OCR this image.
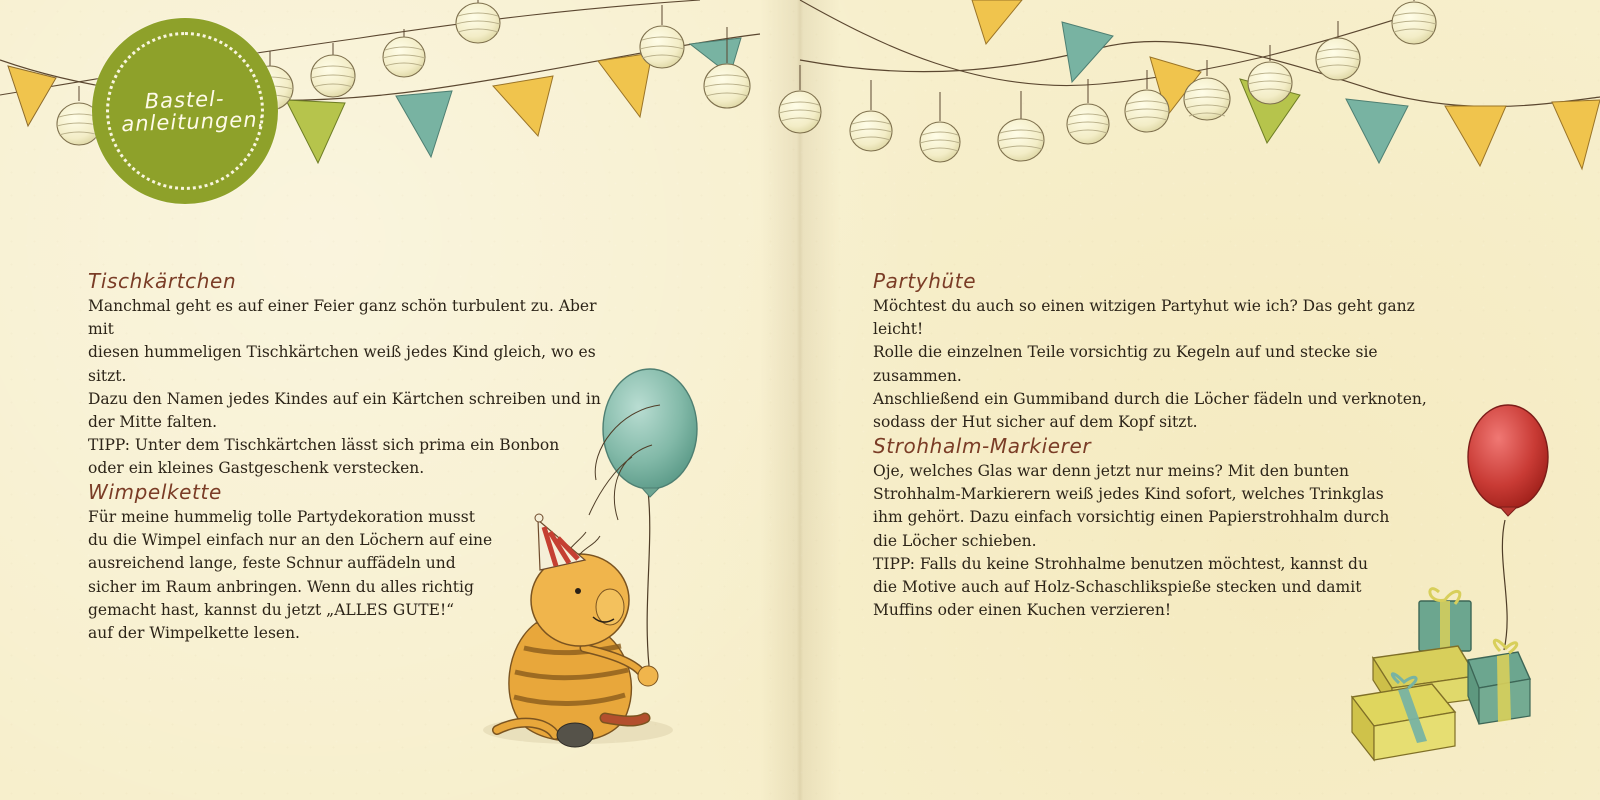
Bastel-
anleitungen:
Tischkärtchen
Manchmal geht es auf einer Feier ganz schön turbulent zu. Aber mit
diesen hummeligen Tischkärtchen weiß jedes Kind gleich, wo es sitzt.
Dazu den Namen jedes Kindes auf ein Kärtchen schreiben und in
der Mitte falten.
TIPP: Unter dem Tischkärtchen lässt sich prima ein Bonbon
oder ein kleines Gastgeschenk verstecken.
Wimpelkette
Für meine hummelig tolle Partydekoration musst
du die Wimpel einfach nur an den Löchern auf eine
ausreichend lange, feste Schnur auffädeln und
sicher im Raum anbringen. Wenn du alles richtig
gemacht hast, kannst du jetzt „ALLES GUTE!“
auf der Wimpelkette lesen.
Partyhüte
Möchtest du auch so einen witzigen Partyhut wie ich? Das geht ganz leicht!
Rolle die einzelnen Teile vorsichtig zu Kegeln auf und stecke sie zusammen.
Anschließend ein Gummiband durch die Löcher fädeln und verknoten,
sodass der Hut sicher auf dem Kopf sitzt.
Strohhalm-Markierer
Oje, welches Glas war denn jetzt nur meins? Mit den bunten
Strohhalm-Markierern weiß jedes Kind sofort, welches Trinkglas
ihm gehört. Dazu einfach vorsichtig einen Papierstrohhalm durch
die Löcher schieben.
TIPP: Falls du keine Strohhalme benutzen möchtest, kannst du
die Motive auch auf Holz-Schaschlikspieße stecken und damit
Muffins oder einen Kuchen verzieren!
